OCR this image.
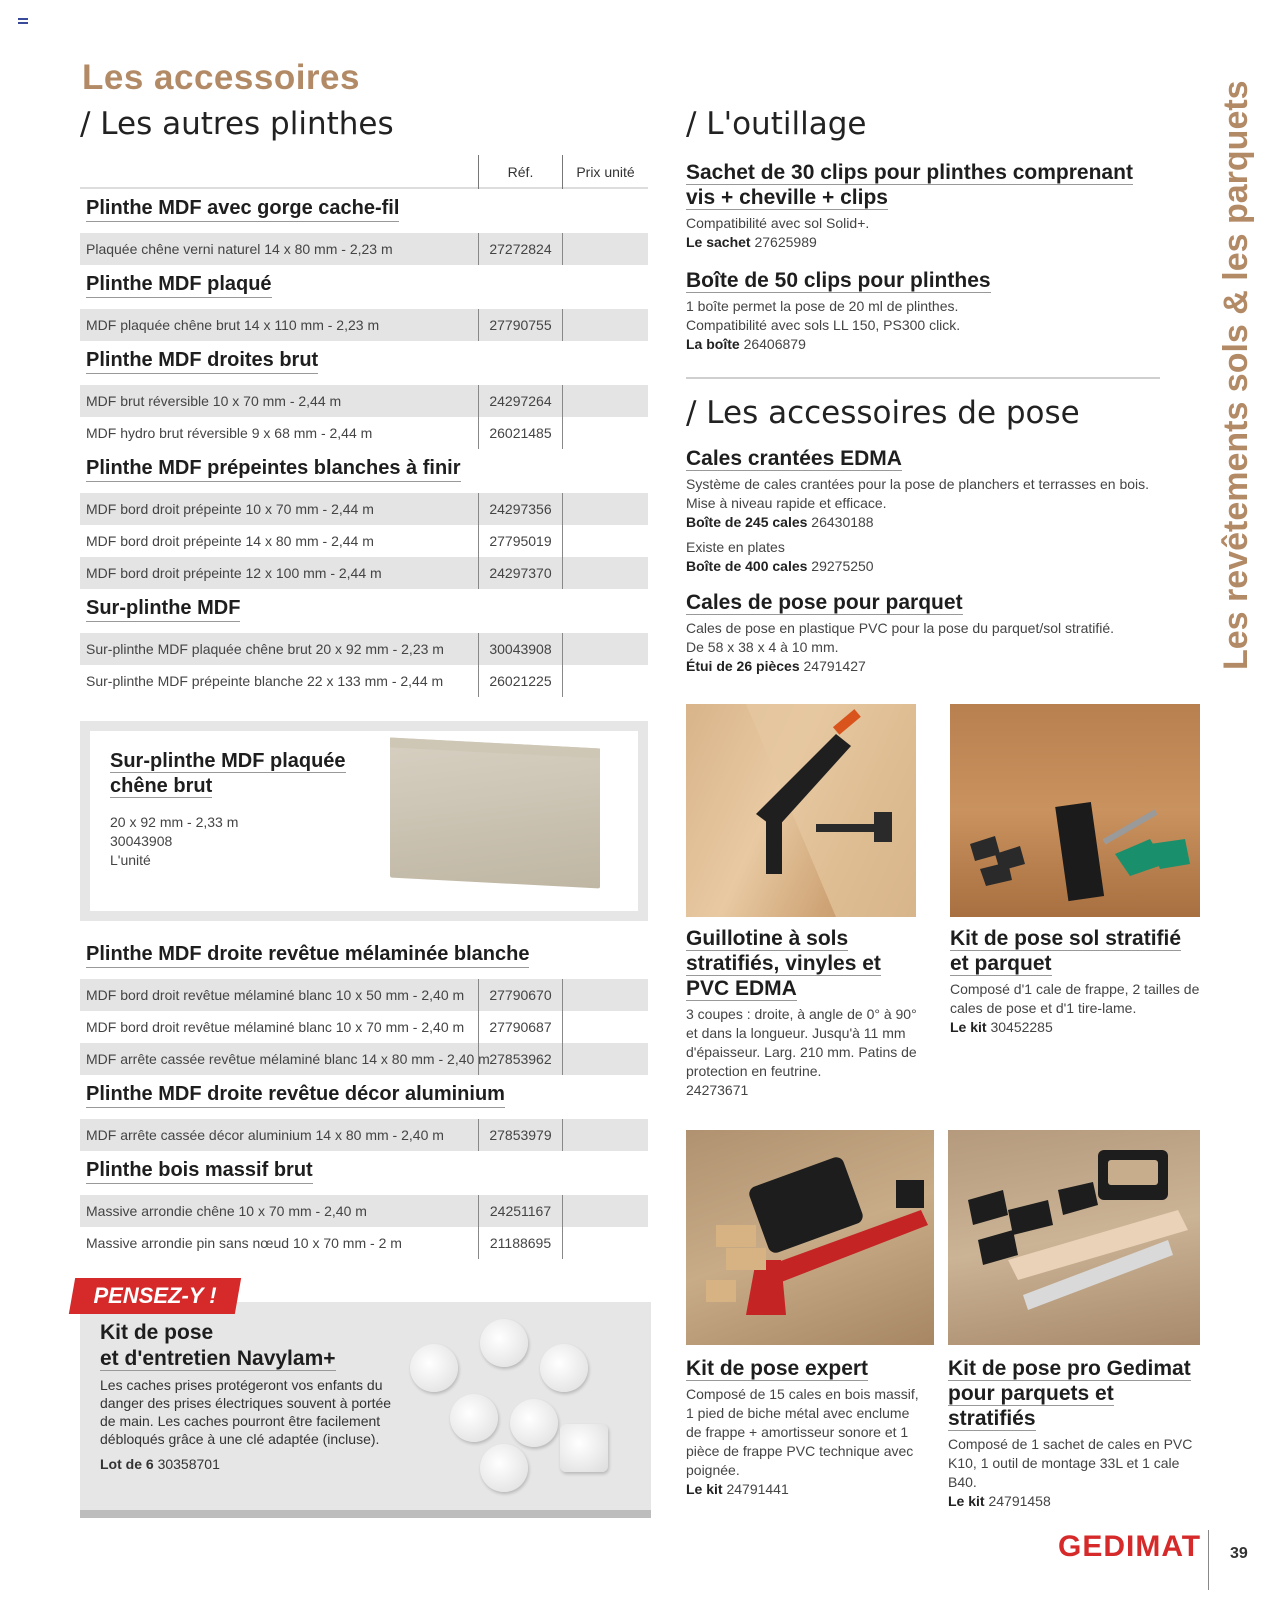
Les accessoires
/ Les autres plinthes
Réf.	Prix unité
Plinthe MDF avec gorge cache-fil
Plaquée chêne verni naturel 14 x 80 mm - 2,23 m	27272824
Plinthe MDF plaqué
MDF plaquée chêne brut 14 x 110 mm - 2,23 m	27790755
Plinthe MDF droites brut
MDF brut réversible 10 x 70 mm - 2,44 m	24297264
MDF hydro brut réversible 9 x 68 mm - 2,44 m	26021485
Plinthe MDF prépeintes blanches à finir
MDF bord droit prépeinte 10 x 70 mm - 2,44 m	24297356
MDF bord droit prépeinte 14 x 80 mm - 2,44 m	27795019
MDF bord droit prépeinte 12 x 100 mm - 2,44 m	24297370
Sur-plinthe MDF
Sur-plinthe MDF plaquée chêne brut 20 x 92 mm - 2,23 m	30043908
Sur-plinthe MDF prépeinte blanche 22 x 133 mm - 2,44 m	26021225
Sur-plinthe MDF plaquée chêne brut
20 x 92 mm - 2,33 m
30043908
L'unité
Plinthe MDF droite revêtue mélaminée blanche
MDF bord droit revêtue mélaminé blanc 10 x 50 mm - 2,40 m	27790670
MDF bord droit revêtue mélaminé blanc 10 x 70 mm - 2,40 m	27790687
MDF arrête cassée revêtue mélaminé blanc 14 x 80 mm - 2,40 m 27853962
Plinthe MDF droite revêtue décor aluminium
MDF arrête cassée décor aluminium 14 x 80 mm - 2,40 m	27853979
Plinthe bois massif brut
Massive arrondie chêne 10 x 70 mm - 2,40 m	24251167
Massive arrondie pin sans nœud 10 x 70 mm - 2 m	21188695
Kit de pose
et d'entretien Navylam+
Les caches prises protégeront vos enfants du danger des prises électriques souvent à portée de main. Les caches pourront être facilement débloqués grâce à une clé adaptée (incluse).
Lot de 6 30358701
PENSEZ-Y !
/ L'outillage
Sachet de 30 clips pour plinthes comprenant vis + cheville + clips
Compatibilité avec sol Solid+.
Le sachet 27625989
Boîte de 50 clips pour plinthes
1 boîte permet la pose de 20 ml de plinthes.
Compatibilité avec sols LL 150, PS300 click.
La boîte 26406879
/ Les accessoires de pose
Cales crantées EDMA
Système de cales crantées pour la pose de planchers et terrasses en bois.
Mise à niveau rapide et efficace.
Boîte de 245 cales 26430188
Existe en plates
Boîte de 400 cales 29275250
Cales de pose pour parquet
Cales de pose en plastique PVC pour la pose du parquet/sol stratifié.
De 58 x 38 x 4 à 10 mm.
Étui de 26 pièces 24791427
Guillotine à sols stratifiés, vinyles et PVC EDMA
3 coupes : droite, à angle de 0° à 90° et dans la longueur. Jusqu'à 11 mm d'épaisseur. Larg. 210 mm. Patins de protection en feutrine.
24273671
Kit de pose sol stratifié et parquet
Composé d'1 cale de frappe, 2 tailles de cales de pose et d'1 tire-lame.
Le kit 30452285
Kit de pose expert
Composé de 15 cales en bois massif, 1 pied de biche métal avec enclume de frappe + amortisseur sonore et 1 pièce de frappe PVC technique avec poignée.
Le kit 24791441
Kit de pose pro Gedimat pour parquets et stratifiés
Composé de 1 sachet de cales en PVC K10, 1 outil de montage 33L et 1 cale B40.
Le kit 24791458
Les revêtements sols & les parquets
GEDIMAT 39
